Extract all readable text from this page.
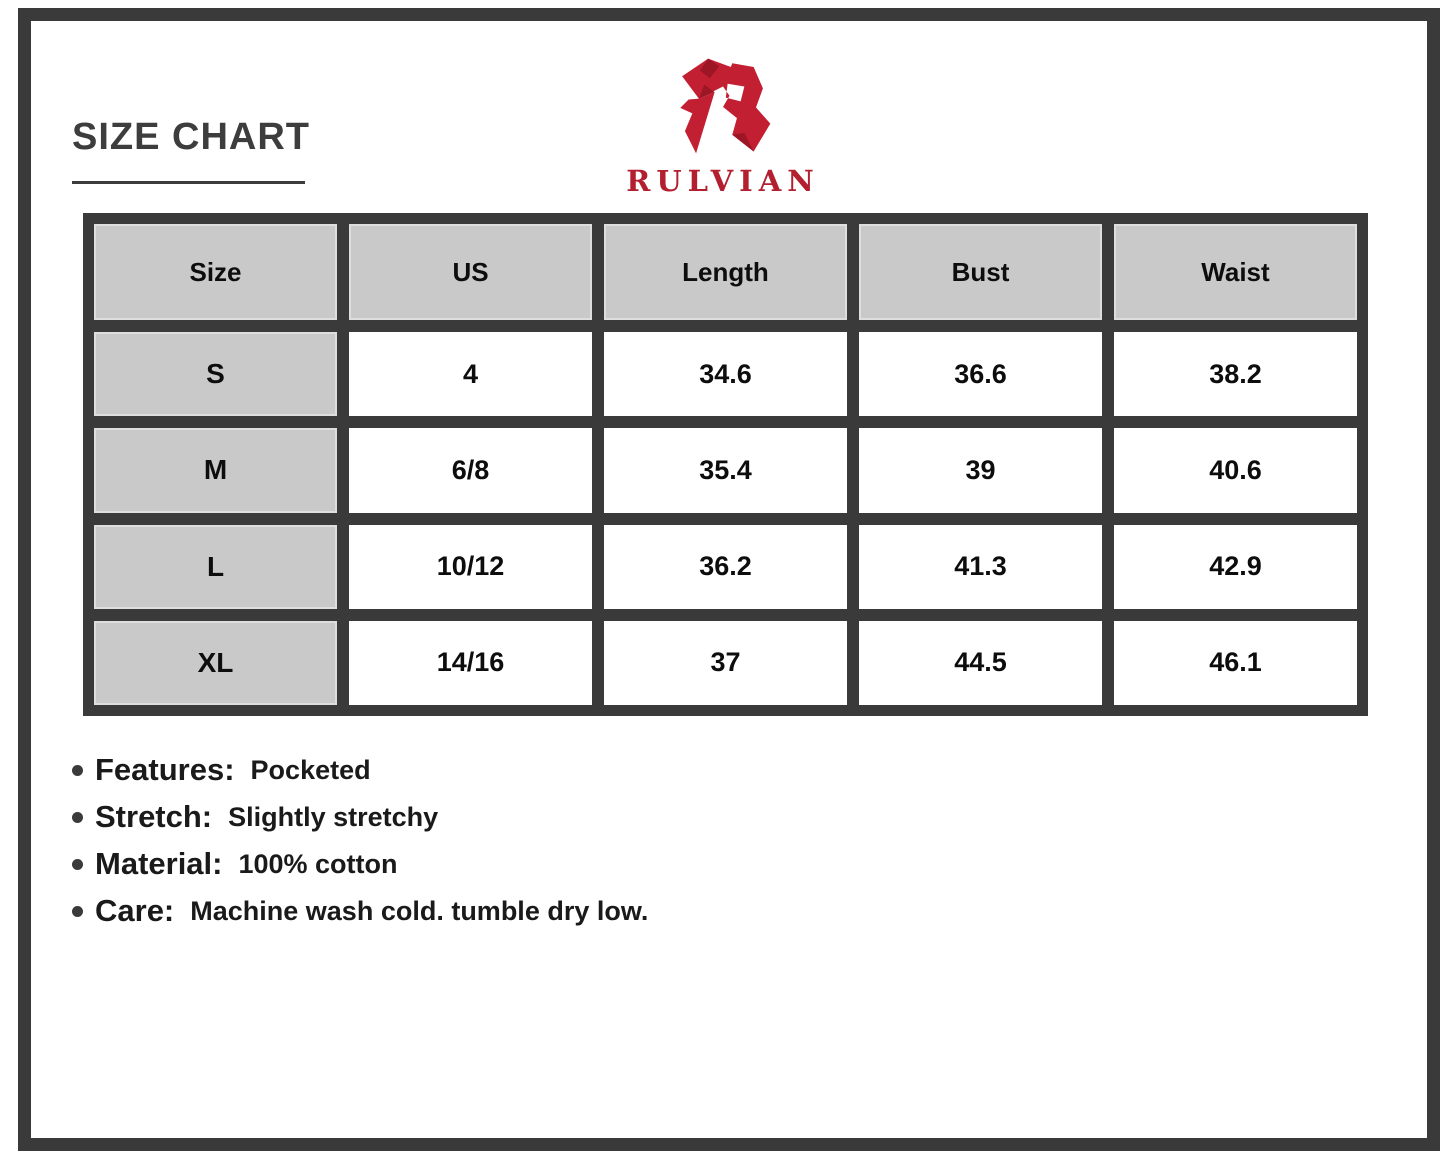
SIZE CHART
RULVIAN
Size	US	Length	Bust	Waist
S	4	34.6	36.6	38.2
M	6/8	35.4	39	40.6
L	10/12	36.2	41.3	42.9
XL	14/16	37	44.5	46.1
Features: Pocketed
Stretch: Slightly stretchy
Material: 100% cotton
Care: Machine wash cold. tumble dry low.
